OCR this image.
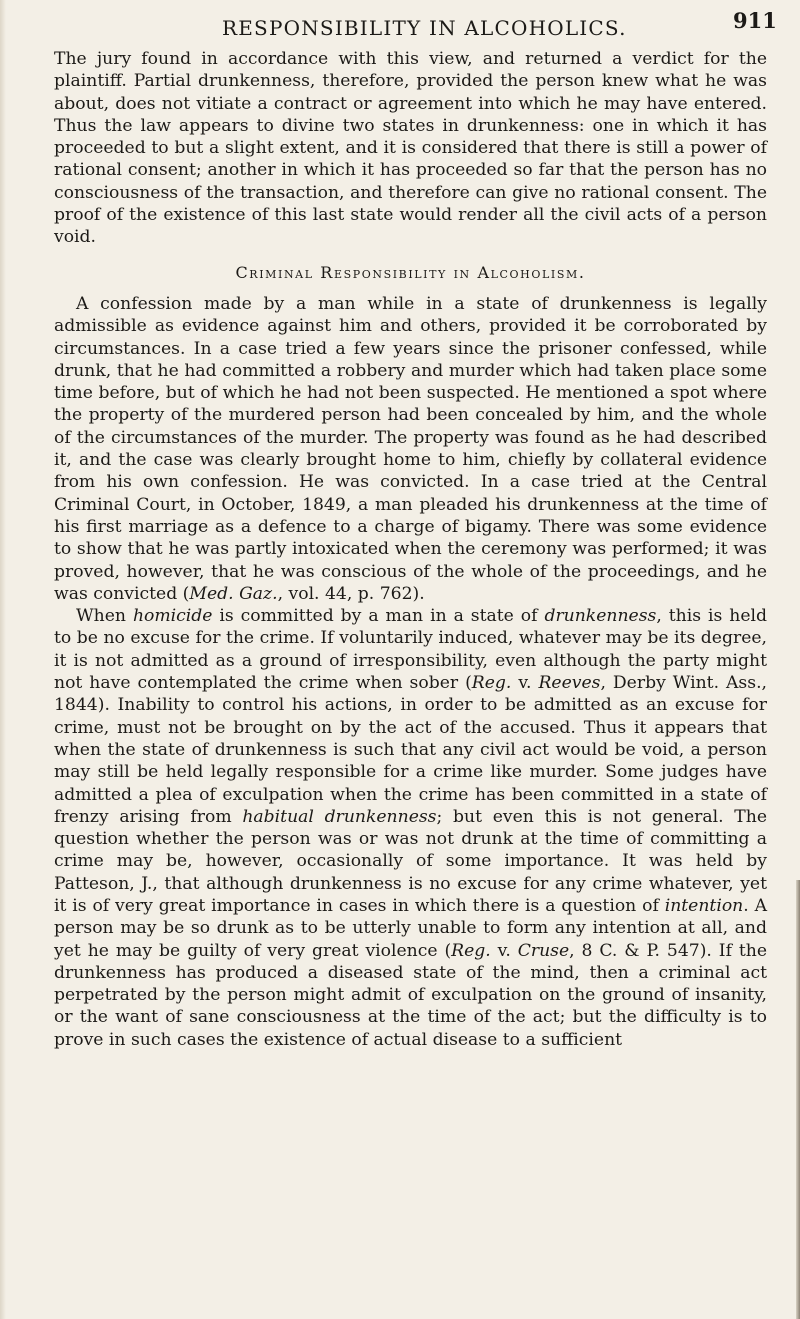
RESPONSIBILITY IN ALCOHOLICS.	911

The jury found in accordance with this view, and returned a verdict for the plaintiff. Partial drunkenness, therefore, provided the person knew what he was about, does not vitiate a contract or agreement into which he may have entered. Thus the law appears to divine two states in drunkenness: one in which it has proceeded to but a slight extent, and it is considered that there is still a power of rational consent; another in which it has proceeded so far that the person has no consciousness of the transaction, and therefore can give no rational consent. The proof of the existence of this last state would render all the civil acts of a person void.

Criminal Responsibility in Alcoholism.

A confession made by a man while in a state of drunkenness is legally admissible as evidence against him and others, provided it be corroborated by circumstances. In a case tried a few years since the prisoner confessed, while drunk, that he had committed a robbery and murder which had taken place some time before, but of which he had not been suspected. He mentioned a spot where the property of the murdered person had been concealed by him, and the whole of the circumstances of the murder. The property was found as he had described it, and the case was clearly brought home to him, chiefly by collateral evidence from his own confession. He was convicted. In a case tried at the Central Criminal Court, in October, 1849, a man pleaded his drunkenness at the time of his first marriage as a defence to a charge of bigamy. There was some evidence to show that he was partly intoxicated when the ceremony was performed; it was proved, however, that he was conscious of the whole of the proceedings, and he was convicted (Med. Gaz., vol. 44, p. 762).

When homicide is committed by a man in a state of drunkenness, this is held to be no excuse for the crime. If voluntarily induced, whatever may be its degree, it is not admitted as a ground of irresponsibility, even although the party might not have contemplated the crime when sober (Reg. v. Reeves, Derby Wint. Ass., 1844). Inability to control his actions, in order to be admitted as an excuse for crime, must not be brought on by the act of the accused. Thus it appears that when the state of drunkenness is such that any civil act would be void, a person may still be held legally responsible for a crime like murder. Some judges have admitted a plea of exculpation when the crime has been committed in a state of frenzy arising from habitual drunkenness; but even this is not general. The question whether the person was or was not drunk at the time of committing a crime may be, however, occasionally of some importance. It was held by Patteson, J., that although drunkenness is no excuse for any crime whatever, yet it is of very great importance in cases in which there is a question of intention. A person may be so drunk as to be utterly unable to form any intention at all, and yet he may be guilty of very great violence (Reg. v. Cruse, 8 C. & P. 547). If the drunkenness has produced a diseased state of the mind, then a criminal act perpetrated by the person might admit of exculpation on the ground of insanity, or the want of sane consciousness at the time of the act; but the difficulty is to prove in such cases the existence of actual disease to a sufficient
